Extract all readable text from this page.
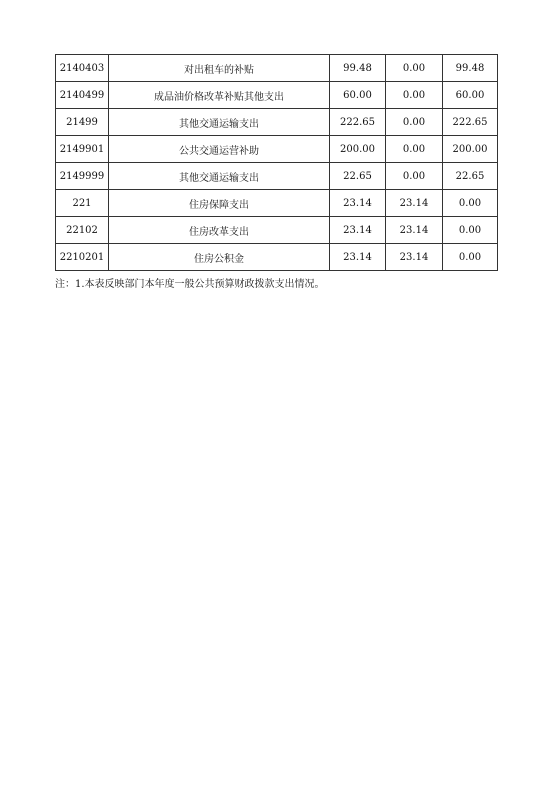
2140403	对出租车的补贴	99.48	0.00	99.48
2140499	成品油价格改革补贴其他支出	60.00	0.00	60.00
21499	其他交通运输支出	222.65	0.00	222.65
2149901	公共交通运营补助	200.00	0.00	200.00
2149999	其他交通运输支出	22.65	0.00	22.65
221	住房保障支出	23.14	23.14	0.00
22102	住房改革支出	23.14	23.14	0.00
2210201	住房公积金	23.14	23.14	0.00
注：1.本表反映部门本年度一般公共预算财政拨款支出情况。
